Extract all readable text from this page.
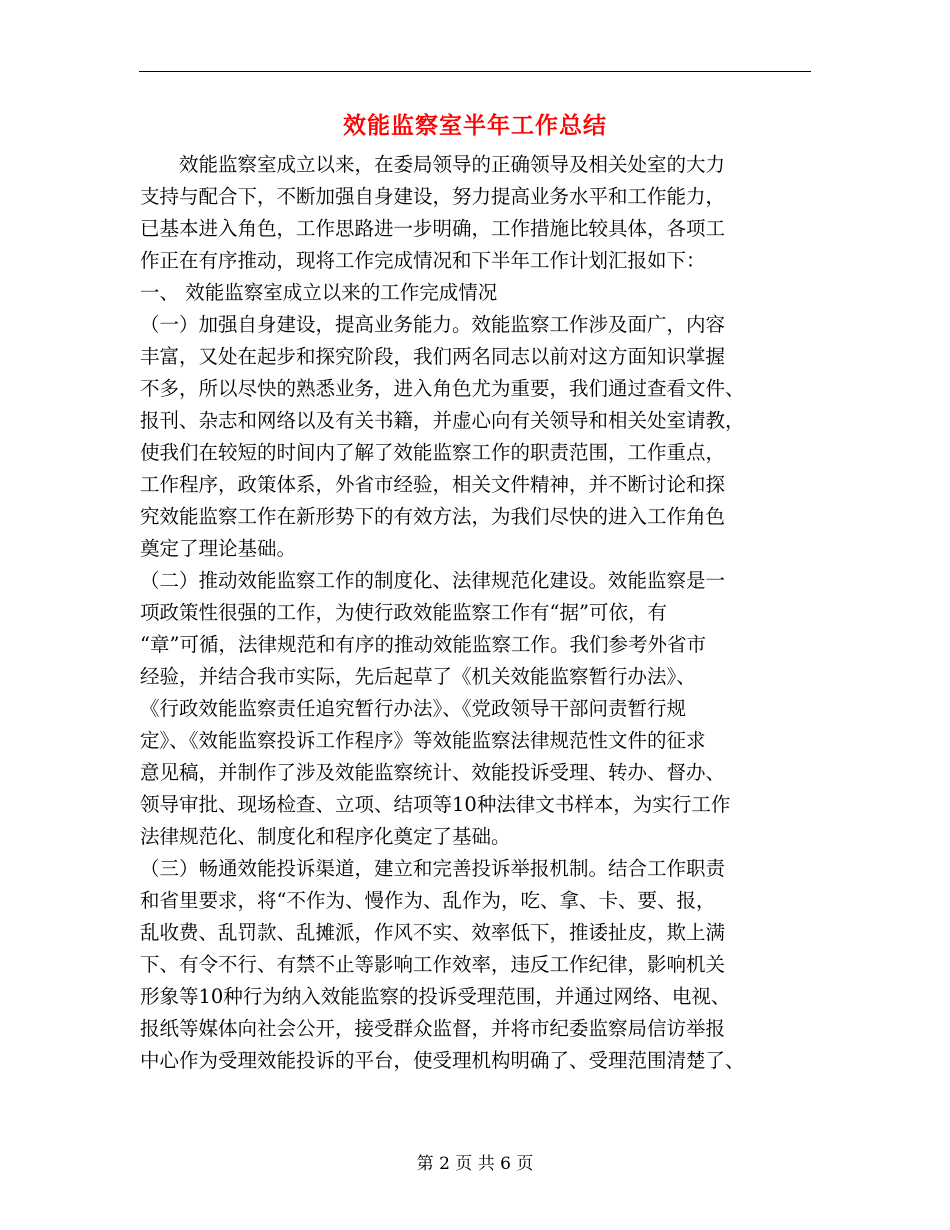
效能监察室半年工作总结
　　效能监察室成立以来，在委局领导的正确领导及相关处室的大力
支持与配合下，不断加强自身建设，努力提高业务水平和工作能力，
已基本进入角色，工作思路进一步明确，工作措施比较具体，各项工
作正在有序推动，现将工作完成情况和下半年工作计划汇报如下：
一、 效能监察室成立以来的工作完成情况
（一）加强自身建设，提高业务能力。效能监察工作涉及面广，内容
丰富，又处在起步和探究阶段，我们两名同志以前对这方面知识掌握
不多，所以尽快的熟悉业务，进入角色尤为重要，我们通过查看文件、
报刊、杂志和网络以及有关书籍，并虚心向有关领导和相关处室请教，
使我们在较短的时间内了解了效能监察工作的职责范围，工作重点，
工作程序，政策体系，外省市经验，相关文件精神，并不断讨论和探
究效能监察工作在新形势下的有效方法，为我们尽快的进入工作角色
奠定了理论基础。
（二）推动效能监察工作的制度化、法律规范化建设。效能监察是一
项政策性很强的工作，为使行政效能监察工作有“据”可依，有
“章”可循，法律规范和有序的推动效能监察工作。我们参考外省市
经验，并结合我市实际，先后起草了《机关效能监察暂行办法》、
《行政效能监察责任追究暂行办法》、《党政领导干部问责暂行规
定》、《效能监察投诉工作程序》等效能监察法律规范性文件的征求
意见稿，并制作了涉及效能监察统计、效能投诉受理、转办、督办、
领导审批、现场检查、立项、结项等10种法律文书样本，为实行工作
法律规范化、制度化和程序化奠定了基础。
（三）畅通效能投诉渠道，建立和完善投诉举报机制。结合工作职责
和省里要求，将“不作为、慢作为、乱作为，吃、拿、卡、要、报，
乱收费、乱罚款、乱摊派，作风不实、效率低下，推诿扯皮，欺上满
下、有令不行、有禁不止等影响工作效率，违反工作纪律，影响机关
形象等10种行为纳入效能监察的投诉受理范围，并通过网络、电视、
报纸等媒体向社会公开，接受群众监督，并将市纪委监察局信访举报
中心作为受理效能投诉的平台，使受理机构明确了、受理范围清楚了、
第 2 页 共 6 页
